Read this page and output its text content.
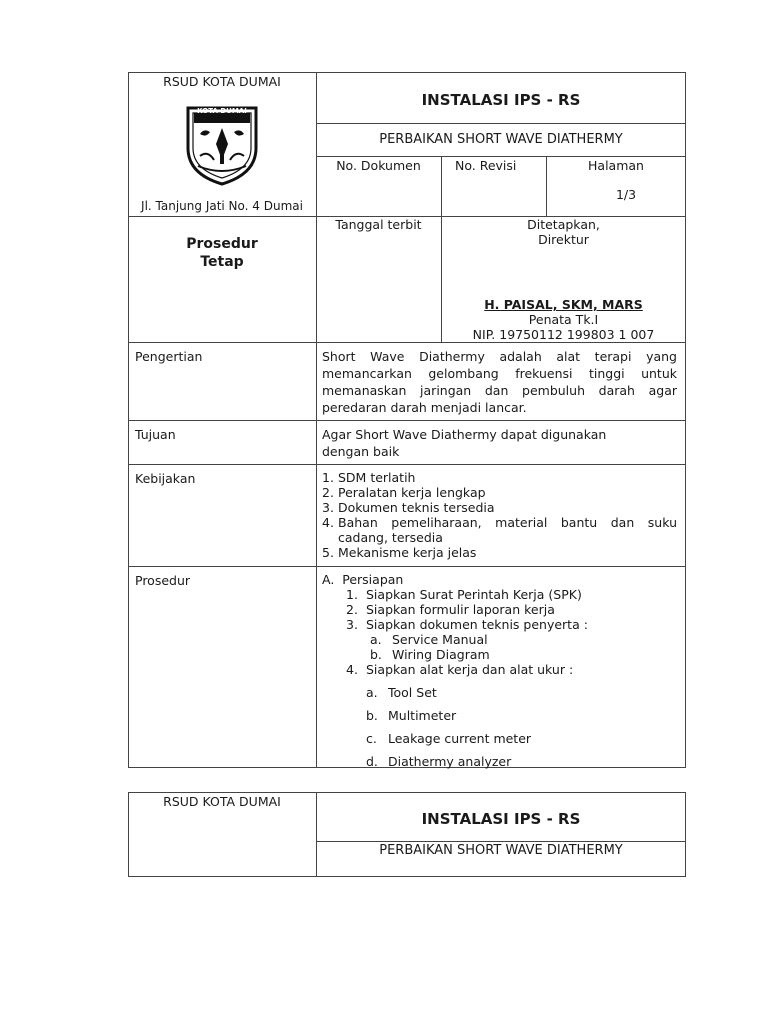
RSUD KOTA DUMAI
KOTA DUMAI
Jl. Tanjung Jati No. 4 Dumai
INSTALASI IPS - RS
PERBAIKAN SHORT WAVE DIATHERMY
No. Dokumen	No. Revisi	Halaman
1/3
Prosedur
Tetap
Tanggal terbit	Ditetapkan,
Direktur
H. PAISAL, SKM, MARS
Penata Tk.I
NIP. 19750112 199803 1 007
Pengertian	Short Wave Diathermy adalah alat terapi yang memancarkan gelombang frekuensi tinggi untuk memanaskan jaringan dan pembuluh darah agar peredaran darah menjadi lancar.
Tujuan	Agar Short Wave Diathermy dapat digunakan dengan baik
Kebijakan	1. SDM terlatih
2. Peralatan kerja lengkap
3. Dokumen teknis tersedia
4. Bahan pemeliharaan, material bantu dan suku cadang, tersedia
5. Mekanisme kerja jelas
Prosedur	A.  Persiapan
1. Siapkan Surat Perintah Kerja (SPK)
2. Siapkan formulir laporan kerja
3. Siapkan dokumen teknis penyerta :
a. Service Manual
b. Wiring Diagram
4. Siapkan alat kerja dan alat ukur :
a. Tool Set
b. Multimeter
c. Leakage current meter
d. Diathermy analyzer
RSUD KOTA DUMAI
INSTALASI IPS - RS
PERBAIKAN SHORT WAVE DIATHERMY
